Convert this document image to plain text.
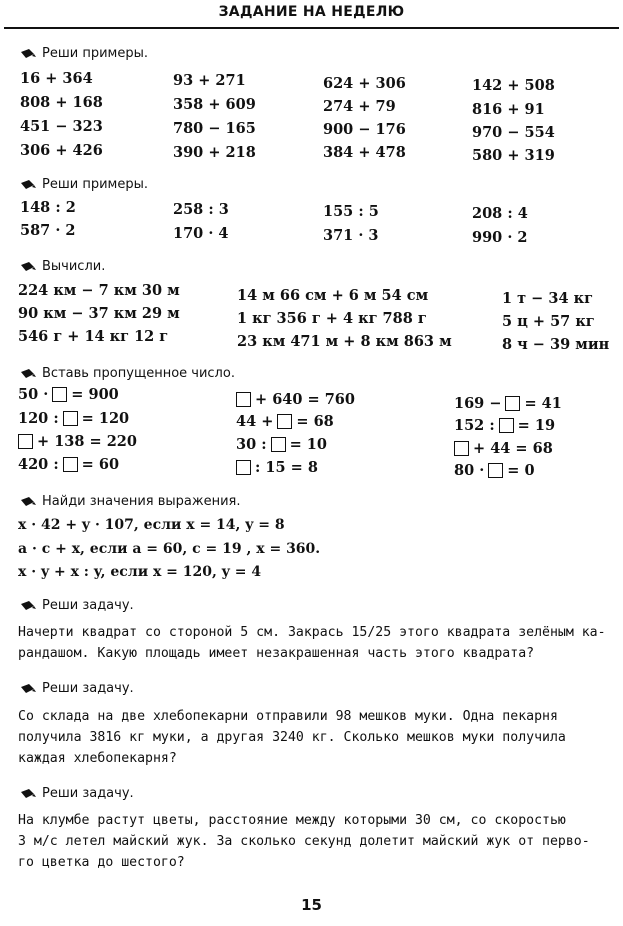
ЗАДАНИЕ НА НЕДЕЛЮ
Реши примеры.
16 + 364
808 + 168
451 − 323
306 + 426
93 + 271
358 + 609
780 − 165
390 + 218
624 + 306
274 + 79
900 − 176
384 + 478
142 + 508
816 + 91
970 − 554
580 + 319
Реши примеры.
148 : 2
587 · 2
258 : 3
170 · 4
155 : 5
371 · 3
208 : 4
990 · 2
Вычисли.
224 км − 7 км 30 м
90 км − 37 км 29 м
546 г + 14 кг 12 г
14 м 66 см + 6 м 54 см
1 кг 356 г + 4 кг 788 г
23 км 471 м + 8 км 863 м
1 т − 34 кг
5 ц + 57 кг
8 ч − 39 мин
Вставь пропущенное число.
50 · = 900
120 : = 120
+ 138 = 220
420 : = 60
+ 640 = 760
44 + = 68
30 : = 10
: 15 = 8
169 − = 41
152 : = 19
+ 44 = 68
80 · = 0
Найди значения выражения.
x · 42 + y · 107, если x = 14, y = 8
a · c + x, если a = 60, c = 19 , x = 360.
x · y + x : y, если x = 120, y = 4
Реши задачу.
Начерти квадрат со стороной 5 см. Закрась 15/25 этого квадрата зелёным ка-
рандашом. Какую площадь имеет незакрашенная часть этого квадрата?
Реши задачу.
Со склада на две хлебопекарни отправили 98 мешков муки. Одна пекарня
получила 3816 кг муки, а другая 3240 кг. Сколько мешков муки получила
каждая хлебопекарня?
Реши задачу.
На клумбе растут цветы, расстояние между которыми 30 см, со скоростью
3 м/с летел майский жук. За сколько секунд долетит майский жук от перво-
го цветка до шестого?
15
